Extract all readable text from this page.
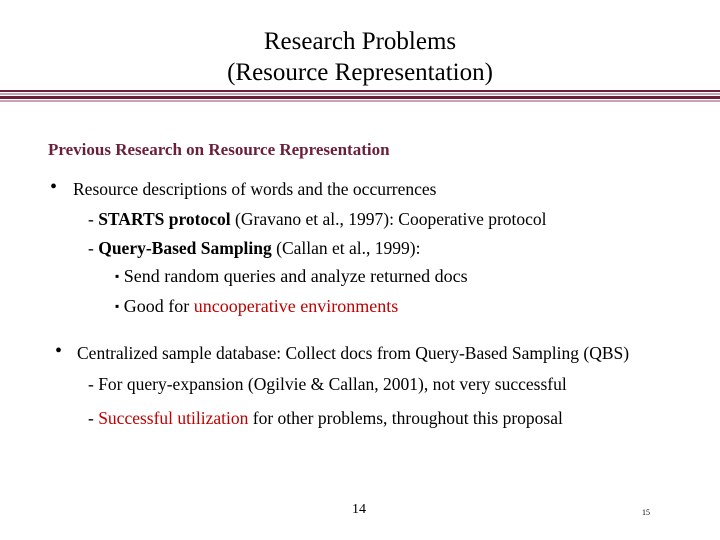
Research Problems
(Resource Representation)
Previous Research on Resource Representation
• Resource descriptions of words and the occurrences
- STARTS protocol (Gravano et al., 1997): Cooperative protocol
- Query-Based Sampling (Callan et al., 1999):
▪ Send random queries and analyze returned docs
▪ Good for uncooperative environments
• Centralized sample database: Collect docs from Query-Based Sampling (QBS)
- For query-expansion (Ogilvie & Callan, 2001), not very successful
- Successful utilization for other problems, throughout this proposal
14	15
